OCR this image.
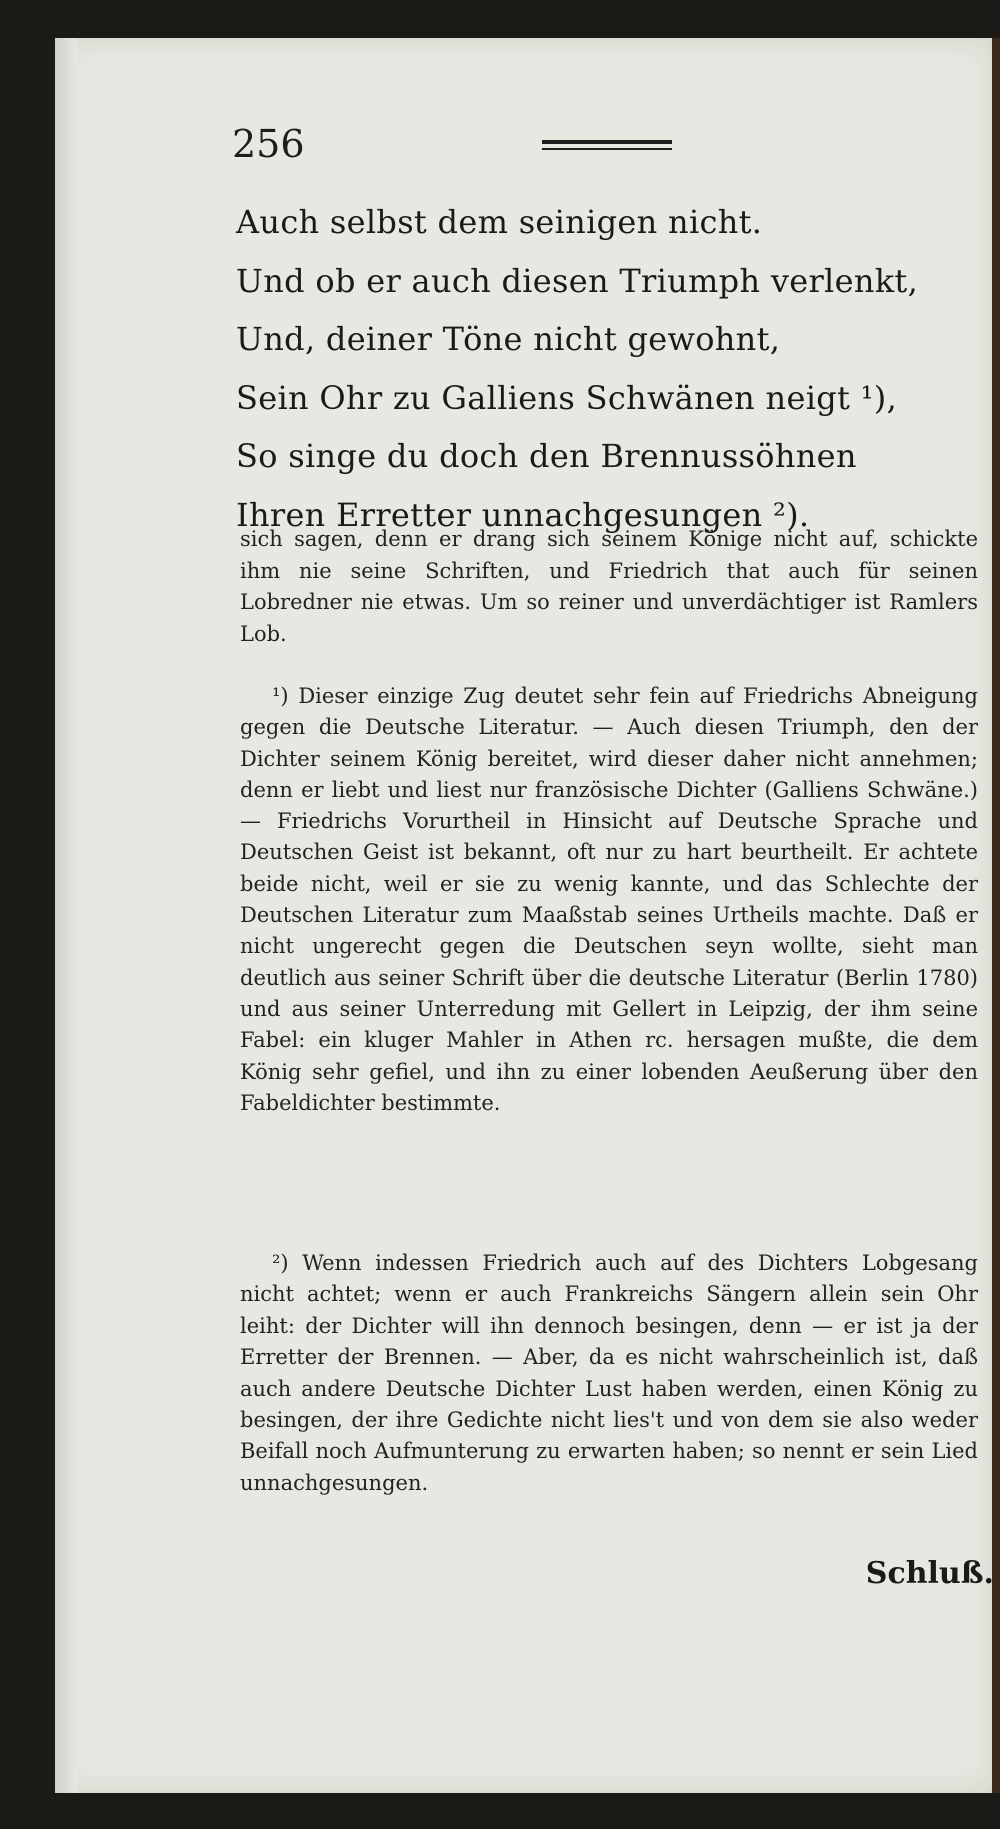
256
Auch selbst dem seinigen nicht.
Und ob er auch diesen Triumph verlenkt,
Und, deiner Töne nicht gewohnt,
Sein Ohr zu Galliens Schwänen neigt ¹),
So singe du doch den Brennussöhnen
Ihren Erretter unnachgesungen ²).
sich sagen, denn er drang sich seinem Könige nicht auf, schickte ihm nie seine Schriften, und Friedrich that auch für seinen Lobredner nie etwas. Um so reiner und unverdächtiger ist Ramlers Lob.
¹) Dieser einzige Zug deutet sehr fein auf Friedrichs Abneigung gegen die Deutsche Literatur. — Auch diesen Triumph, den der Dichter seinem König bereitet, wird dieser daher nicht annehmen; denn er liebt und liest nur französische Dichter (Galliens Schwäne.) — Friedrichs Vorurtheil in Hinsicht auf Deutsche Sprache und Deutschen Geist ist bekannt, oft nur zu hart beurtheilt. Er achtete beide nicht, weil er sie zu wenig kannte, und das Schlechte der Deutschen Literatur zum Maaßstab seines Urtheils machte. Daß er nicht ungerecht gegen die Deutschen seyn wollte, sieht man deutlich aus seiner Schrift über die deutsche Literatur (Berlin 1780) und aus seiner Unterredung mit Gellert in Leipzig, der ihm seine Fabel: ein kluger Mahler in Athen rc. hersagen mußte, die dem König sehr gefiel, und ihn zu einer lobenden Aeußerung über den Fabeldichter bestimmte.
²) Wenn indessen Friedrich auch auf des Dichters Lobgesang nicht achtet; wenn er auch Frankreichs Sängern allein sein Ohr leiht: der Dichter will ihn dennoch besingen, denn — er ist ja der Erretter der Brennen. — Aber, da es nicht wahrscheinlich ist, daß auch andere Deutsche Dichter Lust haben werden, einen König zu besingen, der ihre Gedichte nicht lies't und von dem sie also weder Beifall noch Aufmunterung zu erwarten haben; so nennt er sein Lied unnachgesungen.
Schluß.
